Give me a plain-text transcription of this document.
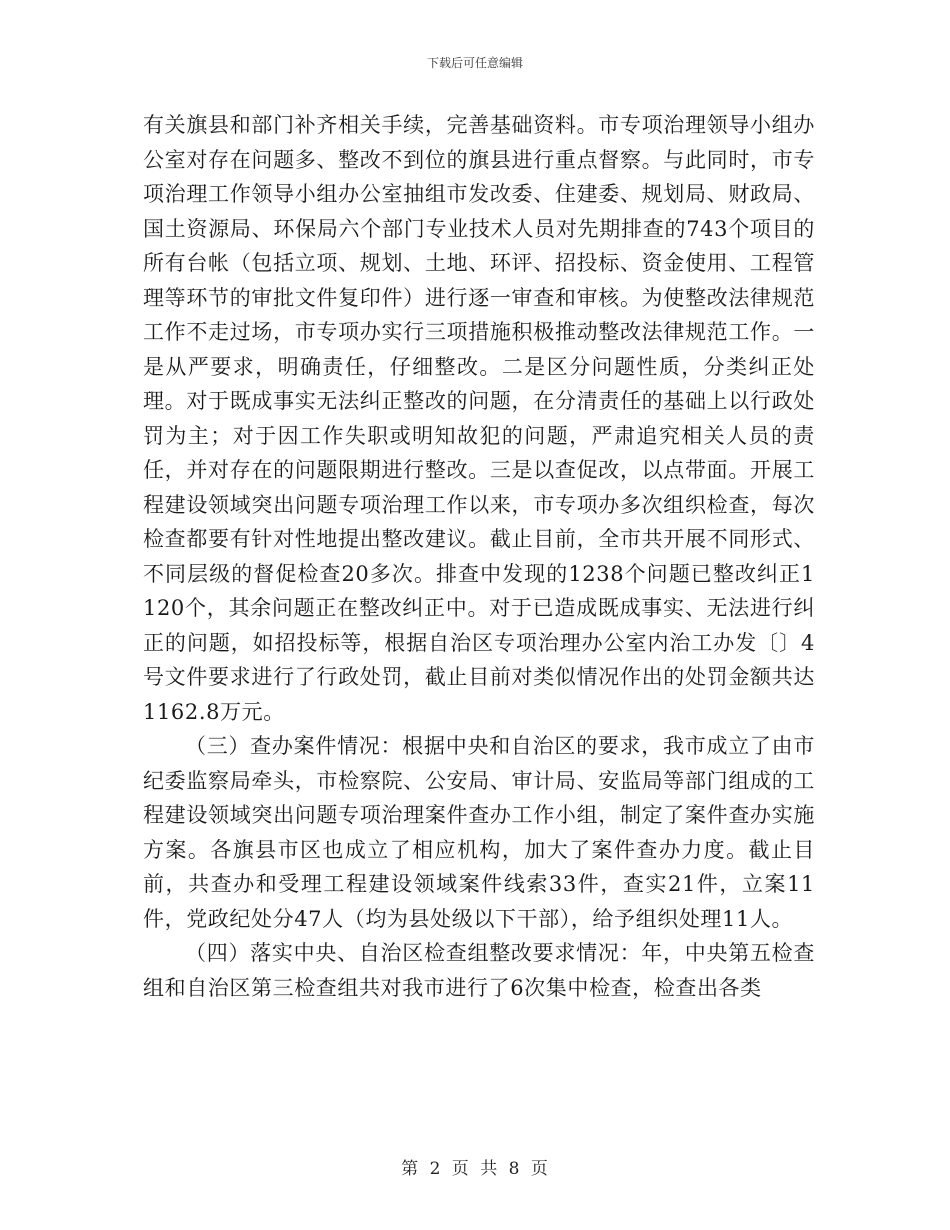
下载后可任意编辑

有关旗县和部门补齐相关手续，完善基础资料。市专项治理领导小组办公室对存在问题多、整改不到位的旗县进行重点督察。与此同时，市专项治理工作领导小组办公室抽组市发改委、住建委、规划局、财政局、国土资源局、环保局六个部门专业技术人员对先期排查的743个项目的所有台帐（包括立项、规划、土地、环评、招投标、资金使用、工程管理等环节的审批文件复印件）进行逐一审查和审核。为使整改法律规范工作不走过场，市专项办实行三项措施积极推动整改法律规范工作。一是从严要求，明确责任，仔细整改。二是区分问题性质，分类纠正处理。对于既成事实无法纠正整改的问题，在分清责任的基础上以行政处罚为主；对于因工作失职或明知故犯的问题，严肃追究相关人员的责任，并对存在的问题限期进行整改。三是以查促改，以点带面。开展工程建设领域突出问题专项治理工作以来，市专项办多次组织检查，每次检查都要有针对性地提出整改建议。截止目前，全市共开展不同形式、不同层级的督促检查20多次。排查中发现的1238个问题已整改纠正1120个，其余问题正在整改纠正中。对于已造成既成事实、无法进行纠正的问题，如招投标等，根据自治区专项治理办公室内治工办发〔〕4号文件要求进行了行政处罚，截止目前对类似情况作出的处罚金额共达1162.8万元。

（三）查办案件情况：根据中央和自治区的要求，我市成立了由市纪委监察局牵头，市检察院、公安局、审计局、安监局等部门组成的工程建设领域突出问题专项治理案件查办工作小组，制定了案件查办实施方案。各旗县市区也成立了相应机构，加大了案件查办力度。截止目前，共查办和受理工程建设领域案件线索33件，查实21件，立案11件，党政纪处分47人（均为县处级以下干部），给予组织处理11人。

（四）落实中央、自治区检查组整改要求情况：年，中央第五检查组和自治区第三检查组共对我市进行了6次集中检查，检查出各类

第 2 页 共 8 页
